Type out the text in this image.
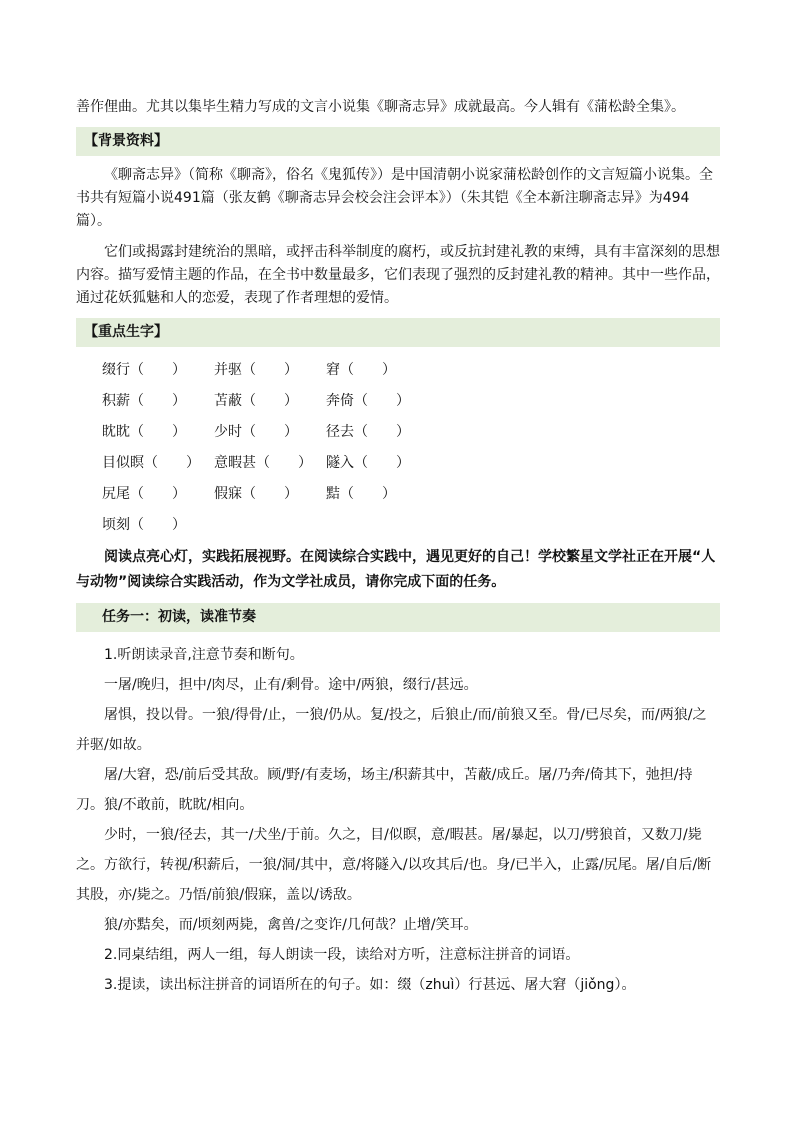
善作俚曲。尤其以集毕生精力写成的文言小说集《聊斋志异》成就最高。今人辑有《蒲松龄全集》。

【背景资料】

《聊斋志异》（简称《聊斋》，俗名《鬼狐传》）是中国清朝小说家蒲松龄创作的文言短篇小说集。全书共有短篇小说491篇（张友鹤《聊斋志异会校会注会评本》）（朱其铠《全本新注聊斋志异》为494篇）。

它们或揭露封建统治的黑暗，或抨击科举制度的腐朽，或反抗封建礼教的束缚，具有丰富深刻的思想内容。描写爱情主题的作品，在全书中数量最多，它们表现了强烈的反封建礼教的精神。其中一些作品，通过花妖狐魅和人的恋爱，表现了作者理想的爱情。

【重点生字】
缀行（　　） 并驱（　　） 窘（　　）
积薪（　　） 苫蔽（　　） 奔倚（　　）
眈眈（　　） 少时（　　） 径去（　　）
目似瞑（　　） 意暇甚（　　） 隧入（　　）
尻尾（　　） 假寐（　　） 黠（　　）
顷刻（　　）

阅读点亮心灯，实践拓展视野。在阅读综合实践中，遇见更好的自己！学校繁星文学社正在开展“人与动物”阅读综合实践活动，作为文学社成员，请你完成下面的任务。

任务一：初读，读准节奏

1.听朗读录音,注意节奏和断句。

一屠/晚归，担中/肉尽，止有/剩骨。途中/两狼，缀行/甚远。

屠惧，投以骨。一狼/得骨/止，一狼/仍从。复/投之，后狼止/而/前狼又至。骨/已尽矣，而/两狼/之并驱/如故。

屠/大窘，恐/前后受其敌。顾/野/有麦场，场主/积薪其中，苫蔽/成丘。屠/乃奔/倚其下，弛担/持刀。狼/不敢前，眈眈/相向。

少时，一狼/径去，其一/犬坐/于前。久之，目/似瞑，意/暇甚。屠/暴起，以刀/劈狼首，又数刀/毙之。方欲行，转视/积薪后，一狼/洞/其中，意/将隧入/以攻其后/也。身/已半入，止露/尻尾。屠/自后/断其股，亦/毙之。乃悟/前狼/假寐，盖以/诱敌。

狼/亦黠矣，而/顷刻两毙，禽兽/之变诈/几何哉？止增/笑耳。

2.同桌结组，两人一组，每人朗读一段，读给对方听，注意标注拼音的词语。

3.提读，读出标注拼音的词语所在的句子。如：缀（zhuì）行甚远、屠大窘（jiǒng）。
